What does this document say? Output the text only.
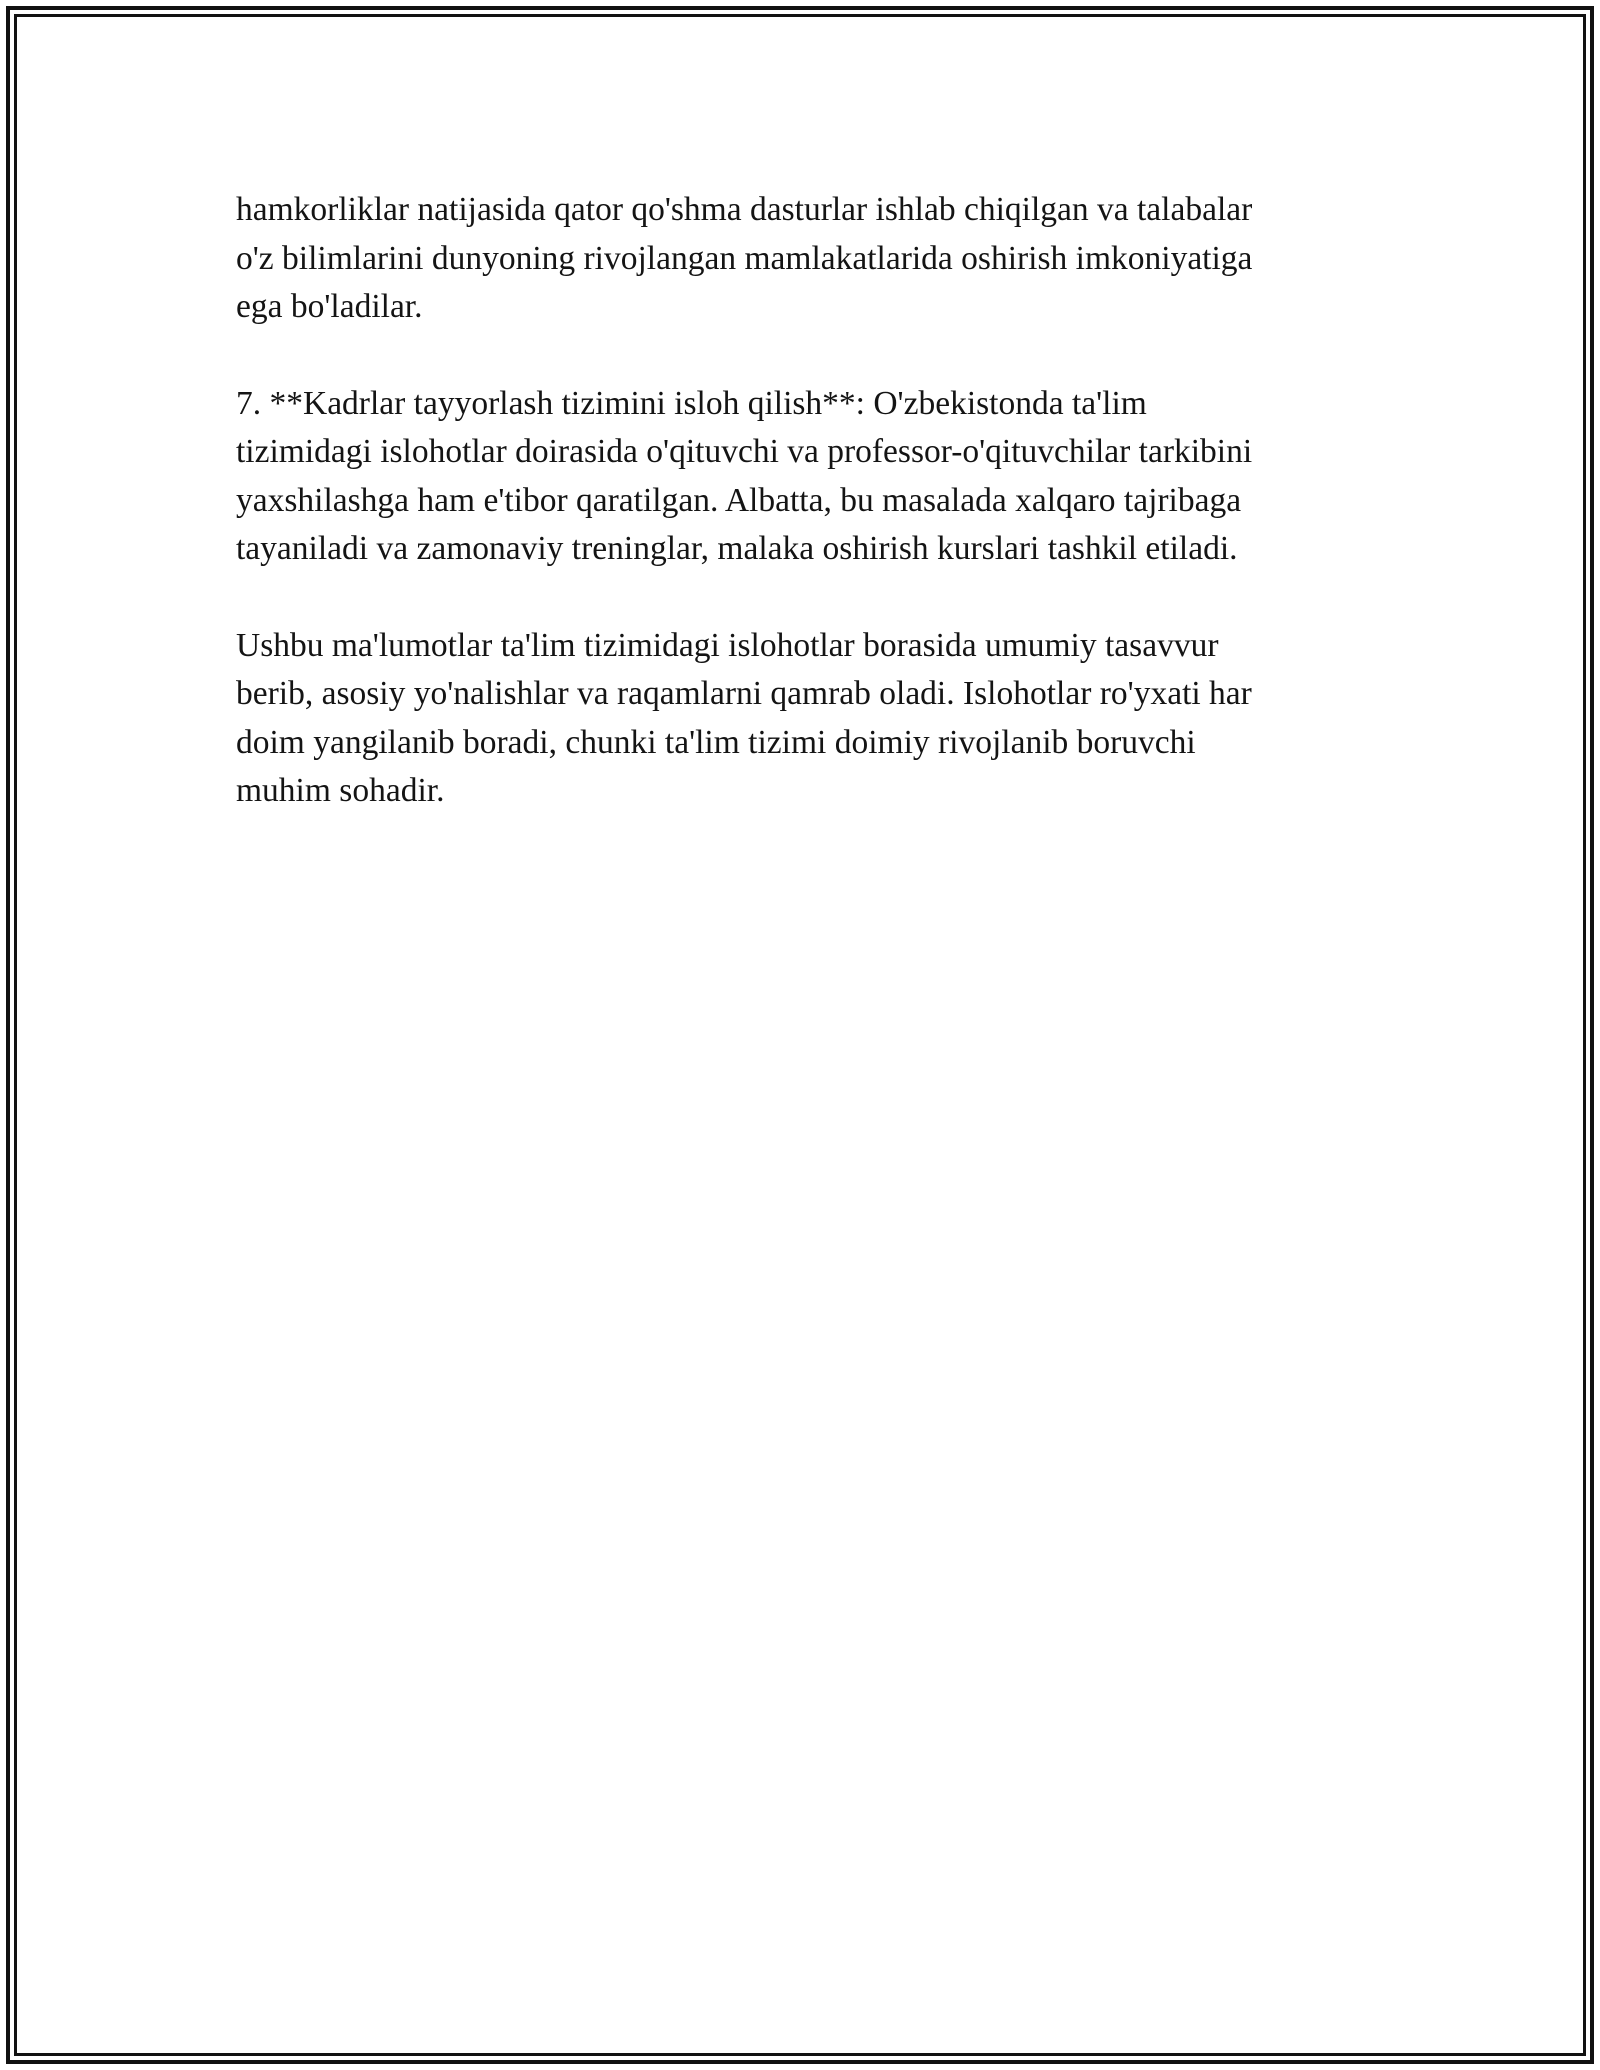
hamkorliklar natijasida qator qo'shma dasturlar ishlab chiqilgan va talabalar
o'z bilimlarini dunyoning rivojlangan mamlakatlarida oshirish imkoniyatiga
ega bo'ladilar.

7. **Kadrlar tayyorlash tizimini isloh qilish**: O'zbekistonda ta'lim
tizimidagi islohotlar doirasida o'qituvchi va professor-o'qituvchilar tarkibini
yaxshilashga ham e'tibor qaratilgan. Albatta, bu masalada xalqaro tajribaga
tayaniladi va zamonaviy treninglar, malaka oshirish kurslari tashkil etiladi.

Ushbu ma'lumotlar ta'lim tizimidagi islohotlar borasida umumiy tasavvur
berib, asosiy yo'nalishlar va raqamlarni qamrab oladi. Islohotlar ro'yxati har
doim yangilanib boradi, chunki ta'lim tizimi doimiy rivojlanib boruvchi
muhim sohadir.
